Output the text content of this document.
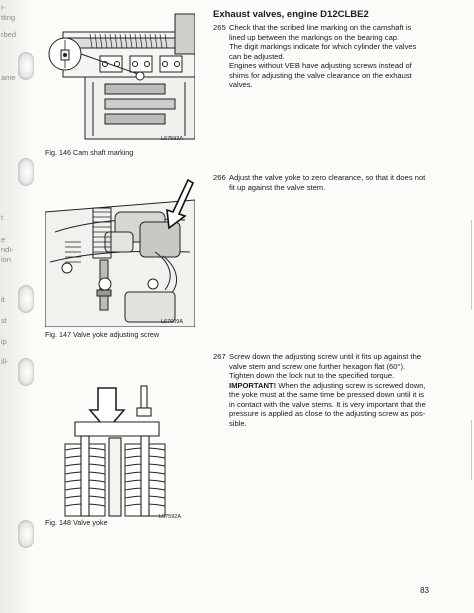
r-
tting
rbed
ame
t
e
ndi-
ion
it
st
ip
ill-
L67593A
Fig. 146 Cam shaft marking
L67609A
Fig. 147 Valve yoke adjusting screw
L67592A
Fig. 148 Valve yoke
Exhaust valves, engine D12CLBE2
265 Check that the scribed line marking on the camshaft is
lined up between the markings on the bearing cap.
The digit markings indicate for which cylinder the valves
can be adjusted.
Engines without VEB have adjusting screws instead of
shims for adjusting the valve clearance on the exhaust
valves.
266 Adjust the valve yoke to zero clearance, so that it does not
fit up against the valve stem.
267 Screw down the adjusting screw until it fits up against the
valve stem and screw one further hexagon flat (60°).
Tighten down the lock nut to the specified torque.
IMPORTANT! When the adjusting screw is screwed down,
the yoke must at the same time be pressed down until it is
in contact with the valve stems. It is very important that the
pressure is applied as close to the adjusting screw as pos-
sible.
83
